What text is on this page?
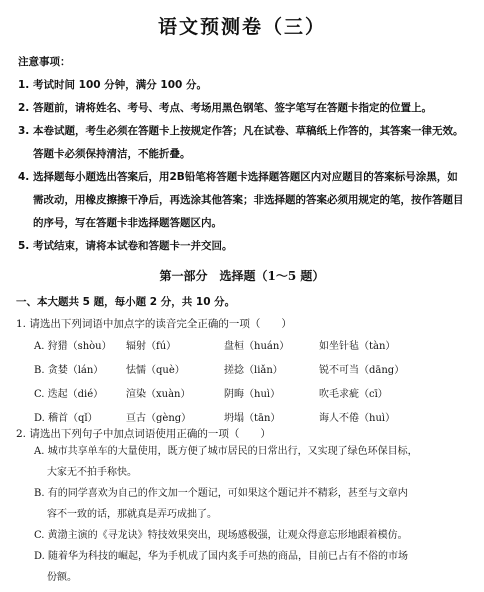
语文预测卷（三）
注意事项：
1. 考试时间 100 分钟，满分 100 分。
2. 答题前，请将姓名、考号、考点、考场用黑色钢笔、签字笔写在答题卡指定的位置上。
3. 本卷试题，考生必须在答题卡上按规定作答；凡在试卷、草稿纸上作答的，其答案一律无效。答题卡必须保持清洁，不能折叠。
4. 选择题每小题选出答案后，用2B铅笔将答题卡选择题答题区内对应题目的答案标号涂黑，如需改动，用橡皮擦擦干净后，再选涂其他答案；非选择题的答案必须用规定的笔，按作答题目的序号，写在答题卡非选择题答题区内。
5. 考试结束，请将本试卷和答题卡一并交回。
第一部分　选择题（1～5 题）
一、本大题共 5 题，每小题 2 分，共 10 分。
1. 请选出下列词语中加点字的读音完全正确的一项（　　）
A. 狩猎（shòu）	辐射（fú）	盘桓（huán）	如坐针毡（tàn）
B. 贪婪（lán）	怯懦（què）	搓捻（liǎn）	锐不可当（dāng）
C. 迭起（dié）	渲染（xuàn）	阴晦（huì）	吹毛求疵（cī）
D. 稽首（qǐ）	亘古（gèng）	坍塌（tān）	诲人不倦（huì）
2. 请选出下列句子中加点词语使用正确的一项（　　）
A. 城市共享单车的大量使用，既方便了城市居民的日常出行，又实现了绿色环保目标，
大家无不拍手称快。
B. 有的同学喜欢为自己的作文加一个题记，可如果这个题记并不精彩，甚至与文章内
容不一致的话，那就真是弄巧成拙了。
C. 黄渤主演的《寻龙诀》特技效果突出，现场感极强，让观众得意忘形地跟着模仿。
D. 随着华为科技的崛起，华为手机成了国内炙手可热的商品，目前已占有不俗的市场
份额。
